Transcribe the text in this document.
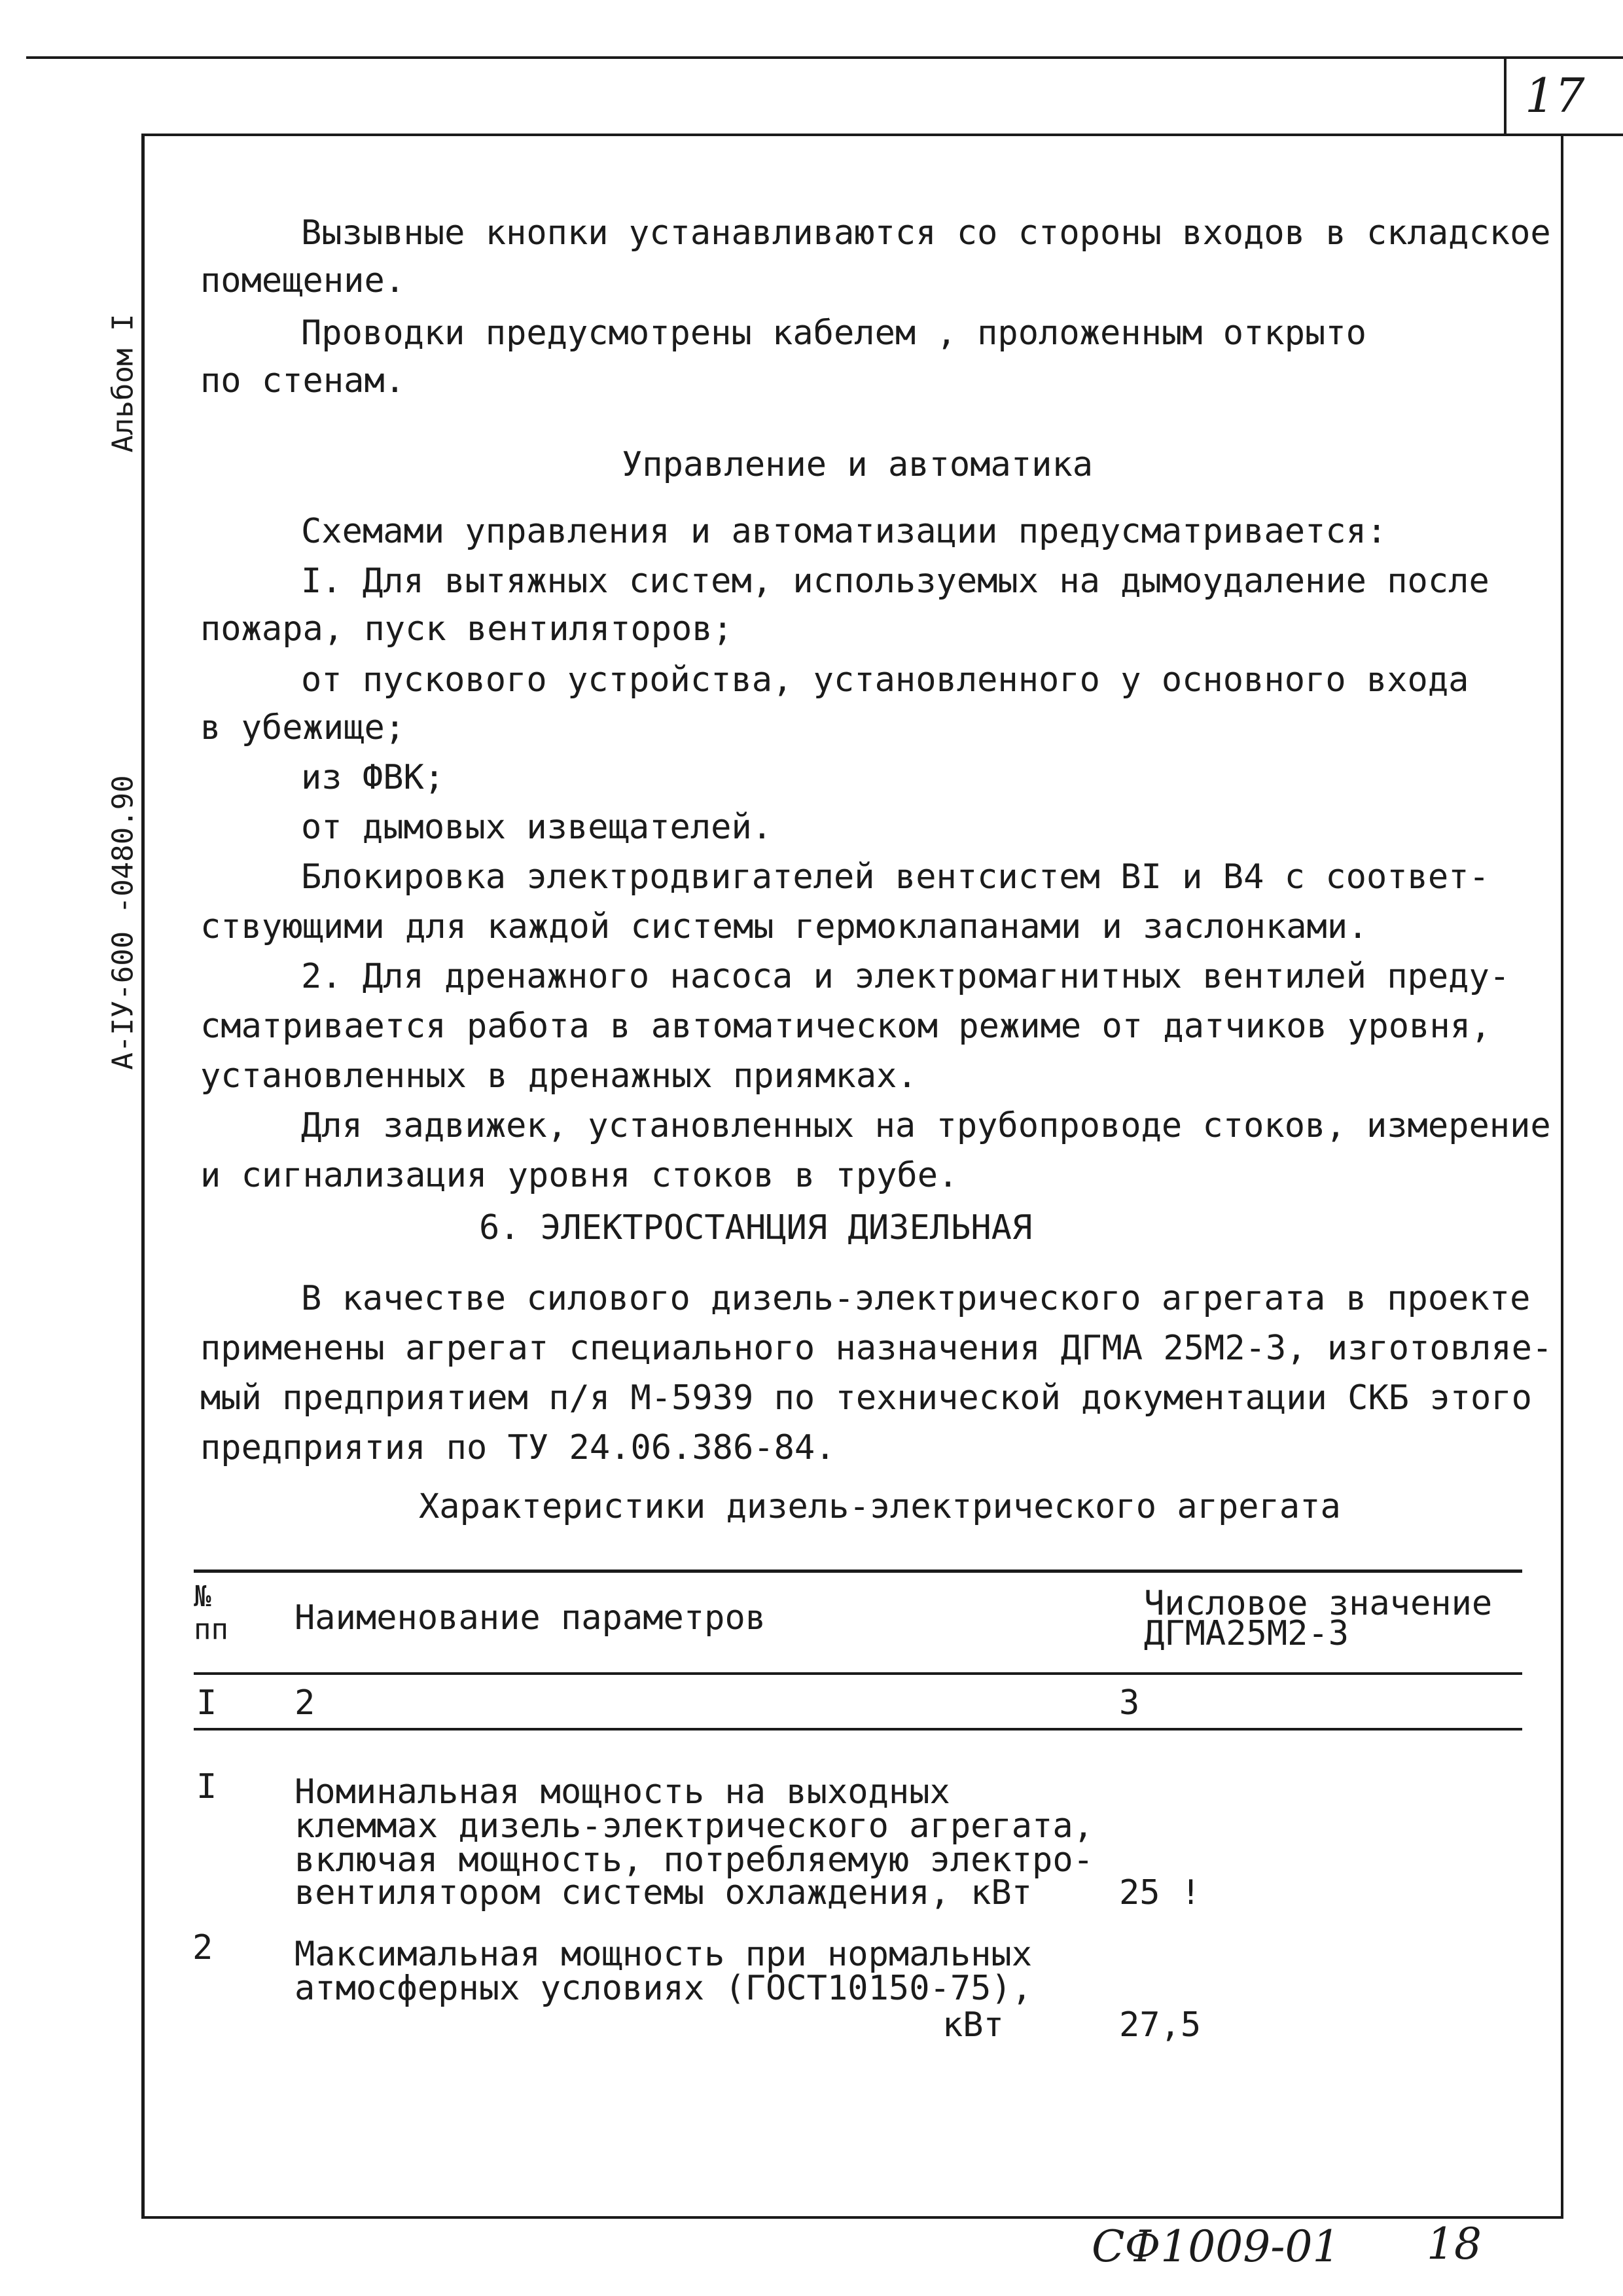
17
Альбом I
А-IУ-600 -0480.90
Вызывные кнопки устанавливаются со стороны входов в складское
помещение.
Проводки предусмотрены кабелем , проложенным открыто
по стенам.
Управление и автоматика
Схемами управления и автоматизации предусматривается:
I. Для вытяжных систем, используемых на дымоудаление после
пожара, пуск вентиляторов;
от пускового устройства, установленного у основного входа
в убежище;
из ФВК;
от дымовых извещателей.
Блокировка электродвигателей вентсистем BI и B4 с соответ-
ствующими для каждой системы гермоклапанами и заслонками.
2. Для дренажного насоса и электромагнитных вентилей преду-
сматривается работа в автоматическом режиме от датчиков уровня,
установленных в дренажных приямках.
Для задвижек, установленных на трубопроводе стоков, измерение
и сигнализация уровня стоков в трубе.
6. ЭЛЕКТРОСТАНЦИЯ ДИЗЕЛЬНАЯ
В качестве силового дизель-электрического агрегата в проекте
применены агрегат специального назначения ДГМА 25М2-3, изготовляе-
мый предприятием п/я М-5939 по технической документации СКБ этого
предприятия по ТУ 24.06.386-84.
Характеристики дизель-электрического агрегата
№
пп Наименование параметров	Числовое значение
ДГМА25М2-3
I 2	3
I Номинальная мощность на выходных
клеммах дизель-электрического агрегата,
включая мощность, потребляемую электро-
вентилятором системы охлаждения, кВт	25 !
2 Максимальная мощность при нормальных
атмосферных условиях (ГОСТ10150-75),
кВт	27,5
СФ1009-01 18
